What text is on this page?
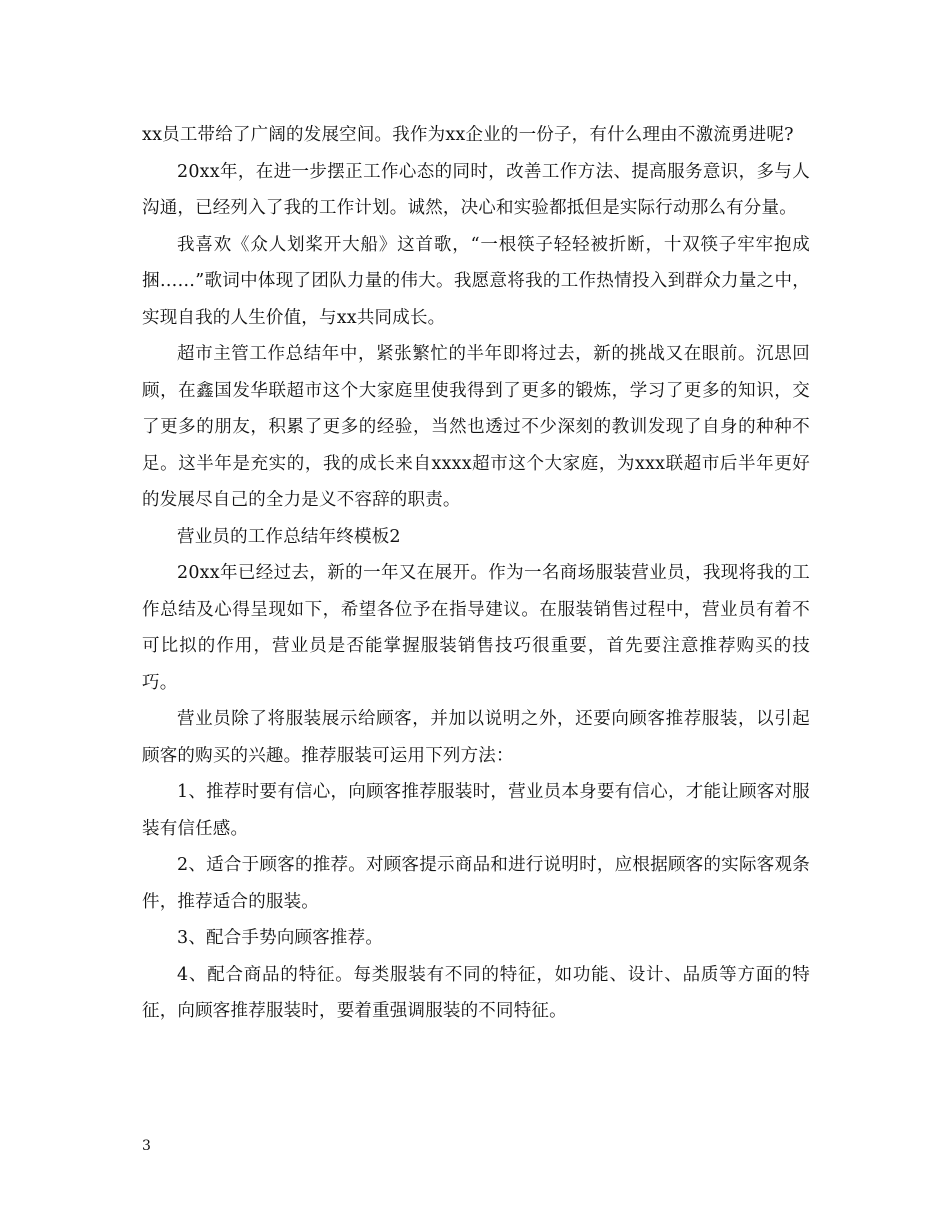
xx员工带给了广阔的发展空间。我作为xx企业的一份子，有什么理由不激流勇进呢?

20xx年，在进一步摆正工作心态的同时，改善工作方法、提高服务意识，多与人沟通，已经列入了我的工作计划。诚然，决心和实验都抵但是实际行动那么有分量。

我喜欢《众人划桨开大船》这首歌，“一根筷子轻轻被折断，十双筷子牢牢抱成捆……”歌词中体现了团队力量的伟大。我愿意将我的工作热情投入到群众力量之中，实现自我的人生价值，与xx共同成长。

超市主管工作总结年中，紧张繁忙的半年即将过去，新的挑战又在眼前。沉思回顾，在鑫国发华联超市这个大家庭里使我得到了更多的锻炼，学习了更多的知识，交了更多的朋友，积累了更多的经验，当然也透过不少深刻的教训发现了自身的种种不足。这半年是充实的，我的成长来自xxxx超市这个大家庭，为xxx联超市后半年更好的发展尽自己的全力是义不容辞的职责。

营业员的工作总结年终模板2

20xx年已经过去，新的一年又在展开。作为一名商场服装营业员，我现将我的工作总结及心得呈现如下，希望各位予在指导建议。在服装销售过程中，营业员有着不可比拟的作用，营业员是否能掌握服装销售技巧很重要，首先要注意推荐购买的技巧。

营业员除了将服装展示给顾客，并加以说明之外，还要向顾客推荐服装，以引起顾客的购买的兴趣。推荐服装可运用下列方法：

1、推荐时要有信心，向顾客推荐服装时，营业员本身要有信心，才能让顾客对服装有信任感。

2、适合于顾客的推荐。对顾客提示商品和进行说明时，应根据顾客的实际客观条件，推荐适合的服装。

3、配合手势向顾客推荐。

4、配合商品的特征。每类服装有不同的特征，如功能、设计、品质等方面的特征，向顾客推荐服装时，要着重强调服装的不同特征。

3
